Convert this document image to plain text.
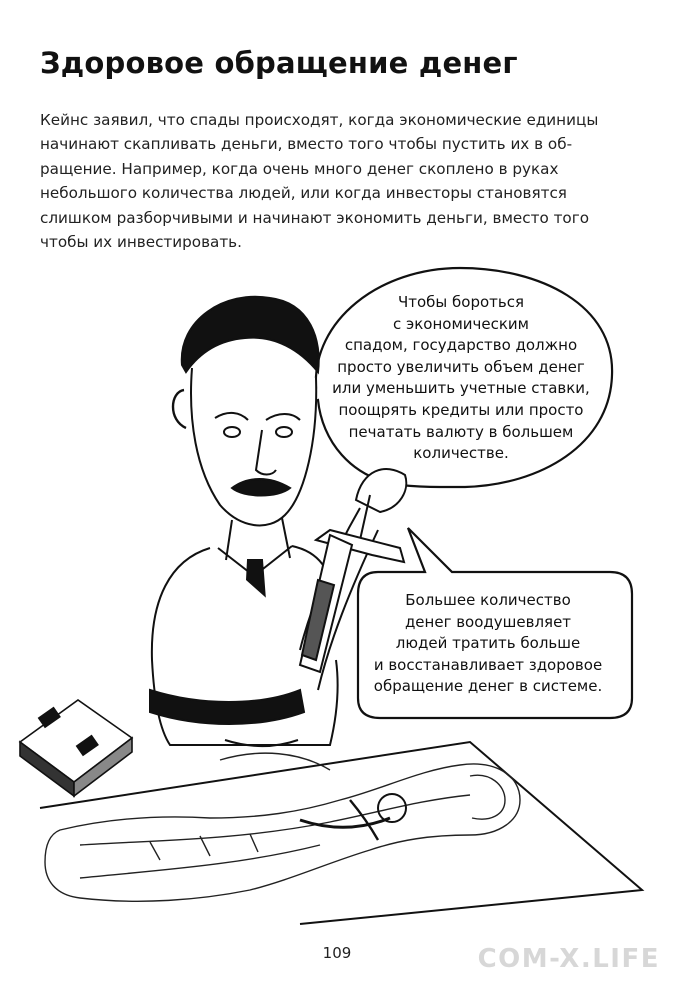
Здоровое обращение денег

Кейнс заявил, что спады происходят, когда экономические единицы
начинают скапливать деньги, вместо того чтобы пустить их в об-
ращение. Например, когда очень много денег скоплено в руках
небольшого количества людей, или когда инвесторы становятся
слишком разборчивыми и начинают экономить деньги, вместо того
чтобы их инвестировать.

Чтобы бороться
с экономическим
спадом, государство должно
просто увеличить объем денег
или уменьшить учетные ставки,
поощрять кредиты или просто
печатать валюту в большем
количестве.
Большее количество
денег воодушевляет
людей тратить больше
и восстанавливает здоровое
обращение денег в системе.
109	COM-X.LIFE
